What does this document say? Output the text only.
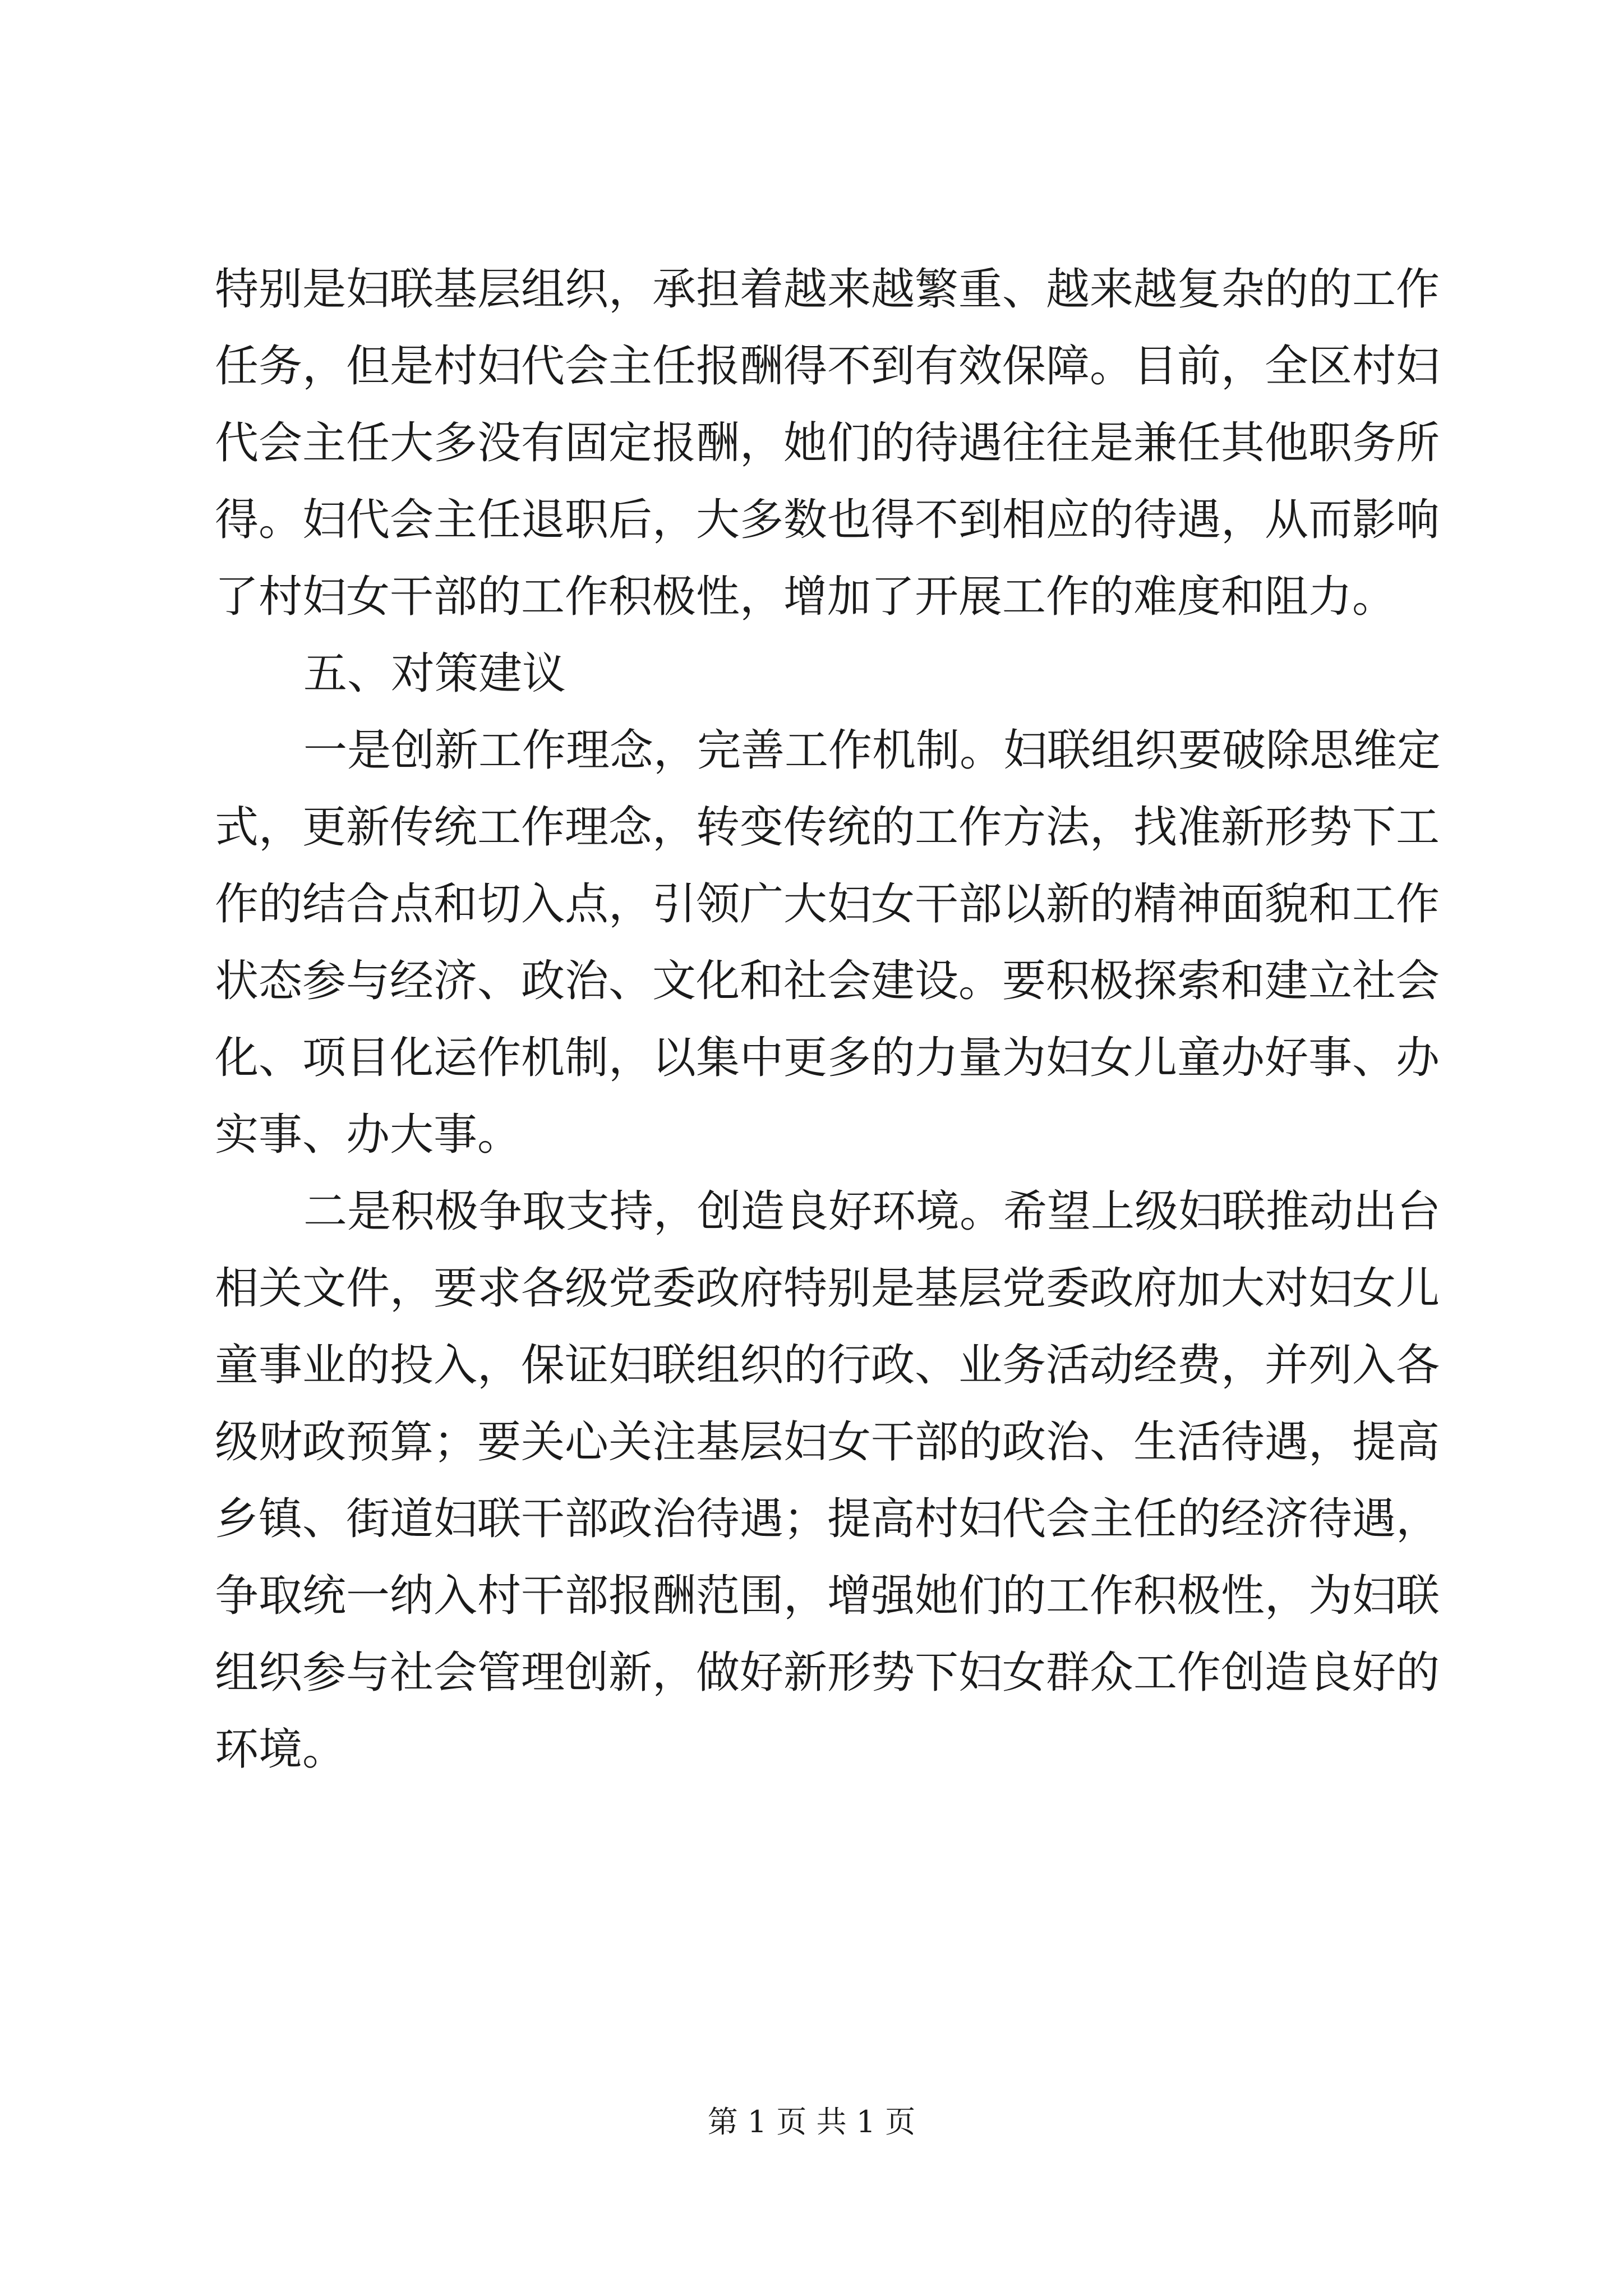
特别是妇联基层组织，承担着越来越繁重、越来越复杂的的工作
任务，但是村妇代会主任报酬得不到有效保障。目前，全区村妇
代会主任大多没有固定报酬，她们的待遇往往是兼任其他职务所
得。妇代会主任退职后，大多数也得不到相应的待遇，从而影响
了村妇女干部的工作积极性，增加了开展工作的难度和阻力。
五、对策建议
一是创新工作理念，完善工作机制。妇联组织要破除思维定
式，更新传统工作理念，转变传统的工作方法，找准新形势下工
作的结合点和切入点，引领广大妇女干部以新的精神面貌和工作
状态参与经济、政治、文化和社会建设。要积极探索和建立社会
化、项目化运作机制，以集中更多的力量为妇女儿童办好事、办
实事、办大事。
二是积极争取支持，创造良好环境。希望上级妇联推动出台
相关文件，要求各级党委政府特别是基层党委政府加大对妇女儿
童事业的投入，保证妇联组织的行政、业务活动经费，并列入各
级财政预算；要关心关注基层妇女干部的政治、生活待遇，提高
乡镇、街道妇联干部政治待遇；提高村妇代会主任的经济待遇，
争取统一纳入村干部报酬范围，增强她们的工作积极性，为妇联
组织参与社会管理创新，做好新形势下妇女群众工作创造良好的
环境。
第 1 页 共 1 页
